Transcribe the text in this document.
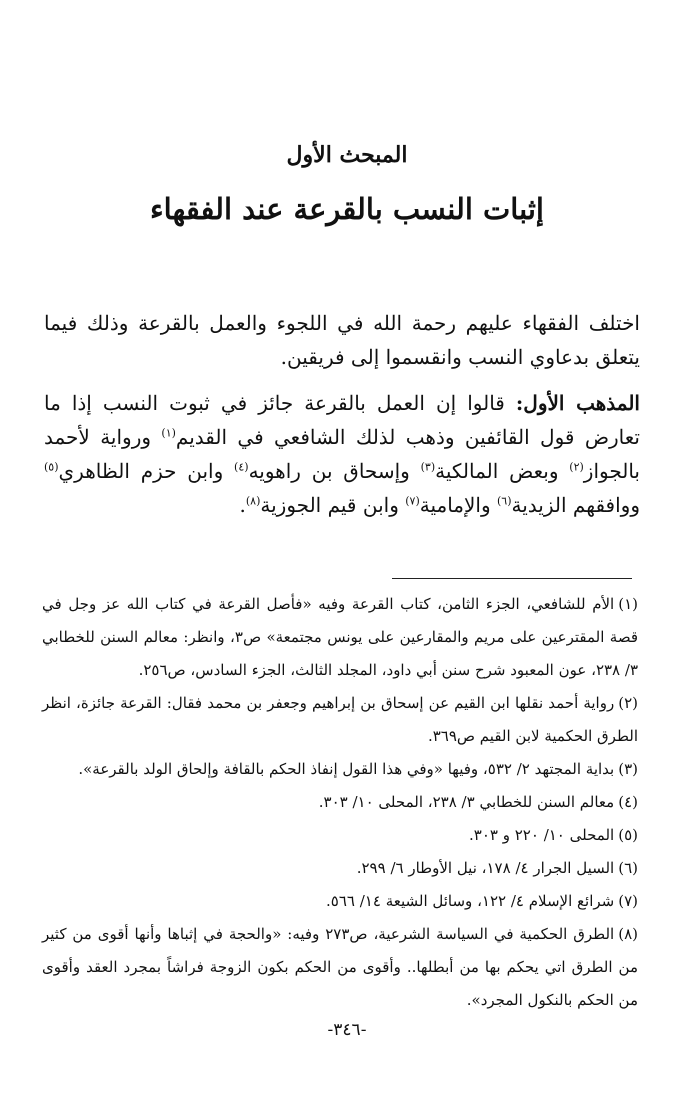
المبحث الأول
إثبات النسب بالقرعة عند الفقهاء

اختلف الفقهاء عليهم رحمة الله في اللجوء والعمل بالقرعة وذلك فيما يتعلق بدعاوي النسب وانقسموا إلى فريقين.

المذهب الأول: قالوا إن العمل بالقرعة جائز في ثبوت النسب إذا ما تعارض قول القائفين وذهب لذلك الشافعي في القديم$^{(١)}$ ورواية لأحمد بالجواز$^{(٢)}$ وبعض المالكية$^{(٣)}$ وإسحاق بن راهويه$^{(٤)}$ وابن حزم الظاهري$^{(٥)}$ ووافقهم الزيدية$^{(٦)}$ والإمامية$^{(٧)}$ وابن قيم الجوزية$^{(٨)}$.

(١)الأم للشافعي، الجزء الثامن، كتاب القرعة وفيه «فأصل القرعة في كتاب الله عز وجل في قصة المقترعين على مريم والمقارعين على يونس مجتمعة» ص٣، وانظر: معالم السنن للخطابي ٣/ ٢٣٨، عون المعبود شرح سنن أبي داود، المجلد الثالث، الجزء السادس، ص٢٥٦.
(٢)رواية أحمد نقلها ابن القيم عن إسحاق بن إبراهيم وجعفر بن محمد فقال: القرعة جائزة، انظر الطرق الحكمية لابن القيم ص٣٦٩.
(٣)بداية المجتهد ٢/ ٥٣٢، وفيها «وفي هذا القول إنفاذ الحكم بالقافة وإلحاق الولد بالقرعة».
(٤)معالم السنن للخطابي ٣/ ٢٣٨، المحلى ١٠/ ٣٠٣.
(٥)المحلى ١٠/ ٢٢٠ و ٣٠٣.
(٦)السيل الجرار ٤/ ١٧٨، نيل الأوطار ٦/ ٢٩٩.
(٧)شرائع الإسلام ٤/ ١٢٢، وسائل الشيعة ١٤/ ٥٦٦.
(٨)الطرق الحكمية في السياسة الشرعية، ص٢٧٣ وفيه: «والحجة في إثباها وأنها أقوى من كثير من الطرق اتي يحكم بها من أبطلها.. وأقوى من الحكم بكون الزوجة فراشاً بمجرد العقد وأقوى من الحكم بالنكول المجرد».
-٣٤٦-
